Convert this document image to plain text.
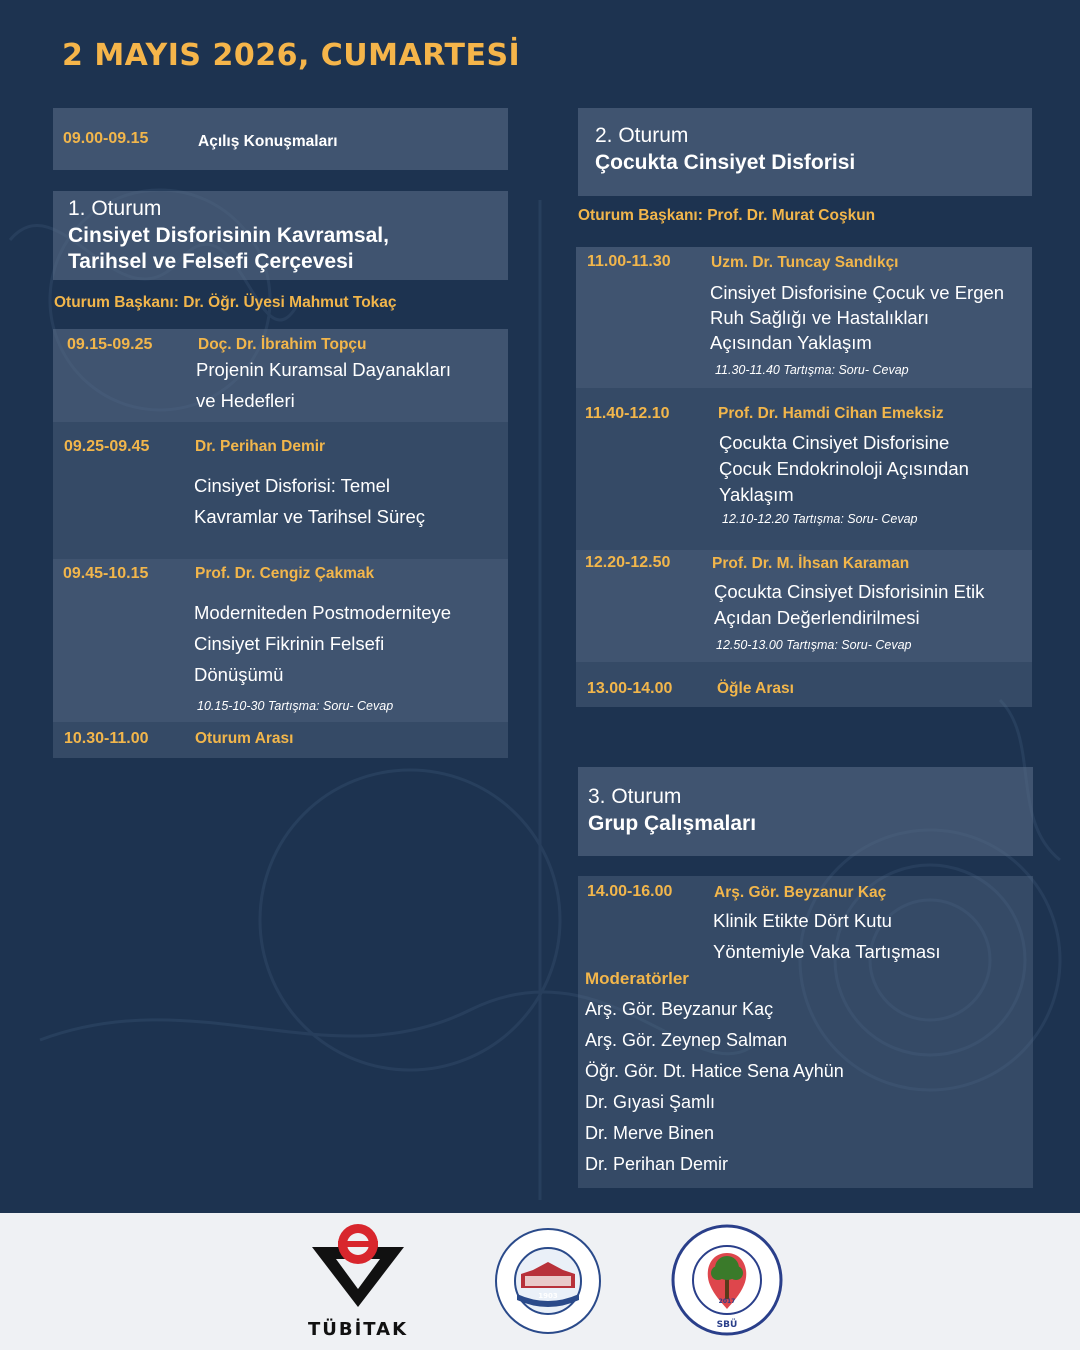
2 MAYIS 2026, CUMARTESİ
09.00-09.15	Açılış Konuşmaları
1. Oturum
Cinsiyet Disforisinin Kavramsal,
Tarihsel ve Felsefi Çerçevesi
Oturum Başkanı: Dr. Öğr. Üyesi Mahmut Tokaç
09.15-09.25	Doç. Dr. İbrahim Topçu
Projenin Kuramsal Dayanakları
ve Hedefleri
09.25-09.45	Dr. Perihan Demir
Cinsiyet Disforisi: Temel
Kavramlar ve Tarihsel Süreç
09.45-10.15	Prof. Dr. Cengiz Çakmak
Moderniteden Postmoderniteye
Cinsiyet Fikrinin Felsefi
Dönüşümü
10.15-10-30 Tartışma: Soru- Cevap
10.30-11.00	Oturum Arası
2. Oturum
Çocukta Cinsiyet Disforisi
Oturum Başkanı: Prof. Dr. Murat Coşkun
11.00-11.30	Uzm. Dr. Tuncay Sandıkçı
Cinsiyet Disforisine Çocuk ve Ergen
Ruh Sağlığı ve Hastalıkları
Açısından Yaklaşım
11.30-11.40 Tartışma: Soru- Cevap
11.40-12.10	Prof. Dr. Hamdi Cihan Emeksiz
Çocukta Cinsiyet Disforisine
Çocuk Endokrinoloji Açısından
Yaklaşım
12.10-12.20 Tartışma: Soru- Cevap
12.20-12.50	Prof. Dr. M. İhsan Karaman
Çocukta Cinsiyet Disforisinin Etik
Açıdan Değerlendirilmesi
12.50-13.00 Tartışma: Soru- Cevap
13.00-14.00	Öğle Arası
3. Oturum
Grup Çalışmaları
14.00-16.00	Arş. Gör. Beyzanur Kaç
Klinik Etikte Dört Kutu
Yöntemiyle Vaka Tartışması
Moderatörler
Arş. Gör. Beyzanur Kaç
Arş. Gör. Zeynep Salman
Öğr. Gör. Dt. Hatice Sena Ayhün
Dr. Gıyasi Şamlı
Dr. Merve Binen
Dr. Perihan Demir
TÜBİTAK
1903
2017
SBÜ
